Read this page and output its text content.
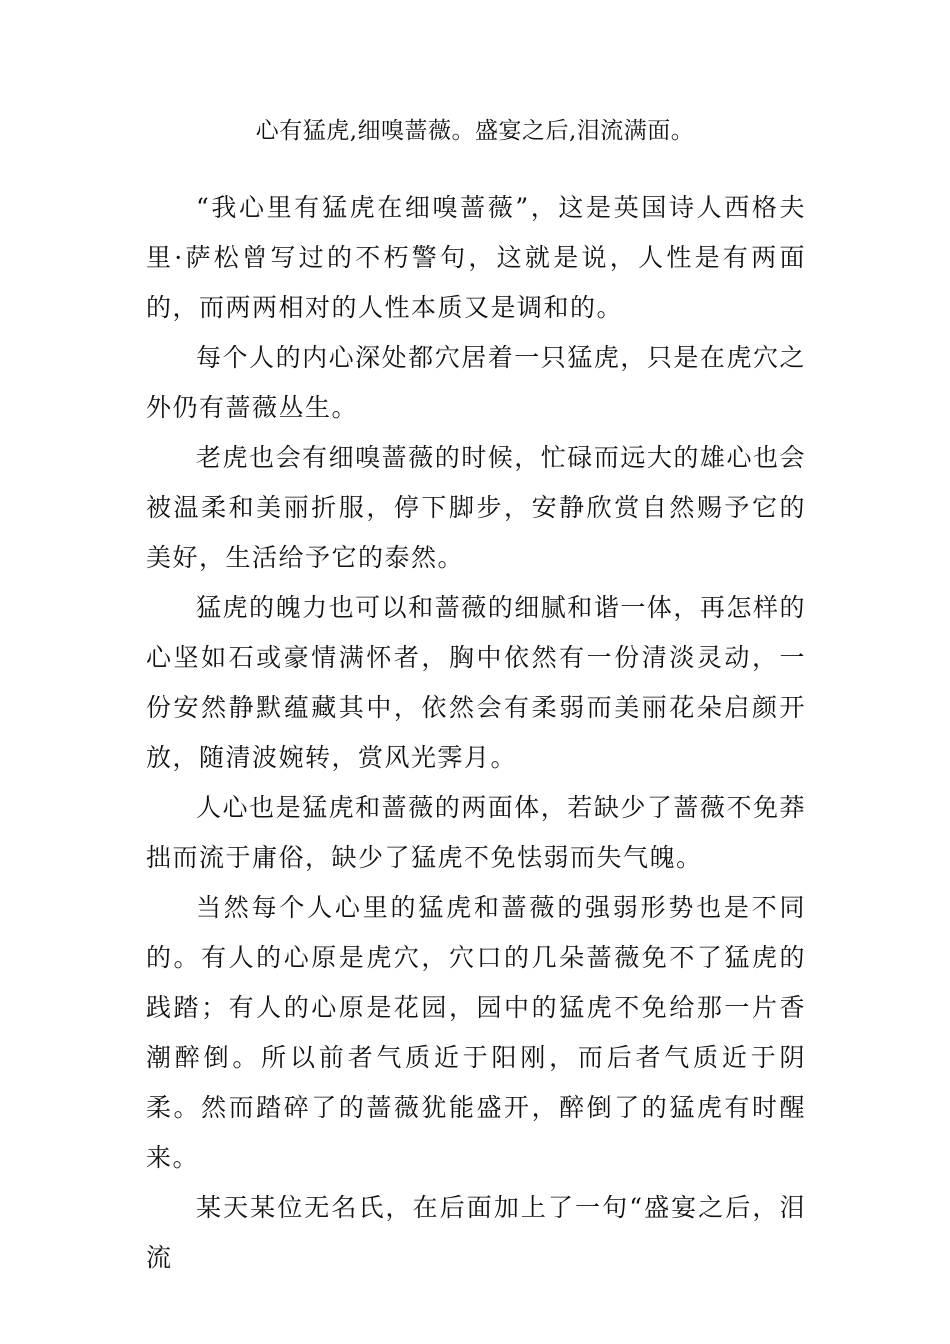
心有猛虎,细嗅蔷薇。盛宴之后,泪流满面。

“我心里有猛虎在细嗅蔷薇”，这是英国诗人西格夫里·萨松曾写过的不朽警句，这就是说，人性是有两面的，而两两相对的人性本质又是调和的。

每个人的内心深处都穴居着一只猛虎，只是在虎穴之外仍有蔷薇丛生。

老虎也会有细嗅蔷薇的时候，忙碌而远大的雄心也会被温柔和美丽折服，停下脚步，安静欣赏自然赐予它的美好，生活给予它的泰然。

猛虎的魄力也可以和蔷薇的细腻和谐一体，再怎样的心坚如石或豪情满怀者，胸中依然有一份清淡灵动，一份安然静默蕴藏其中，依然会有柔弱而美丽花朵启颜开放，随清波婉转，赏风光霁月。

人心也是猛虎和蔷薇的两面体，若缺少了蔷薇不免莽拙而流于庸俗，缺少了猛虎不免怯弱而失气魄。

当然每个人心里的猛虎和蔷薇的强弱形势也是不同的。有人的心原是虎穴，穴口的几朵蔷薇免不了猛虎的践踏；有人的心原是花园，园中的猛虎不免给那一片香潮醉倒。所以前者气质近于阳刚，而后者气质近于阴柔。然而踏碎了的蔷薇犹能盛开，醉倒了的猛虎有时醒来。

某天某位无名氏，在后面加上了一句“盛宴之后，泪流
